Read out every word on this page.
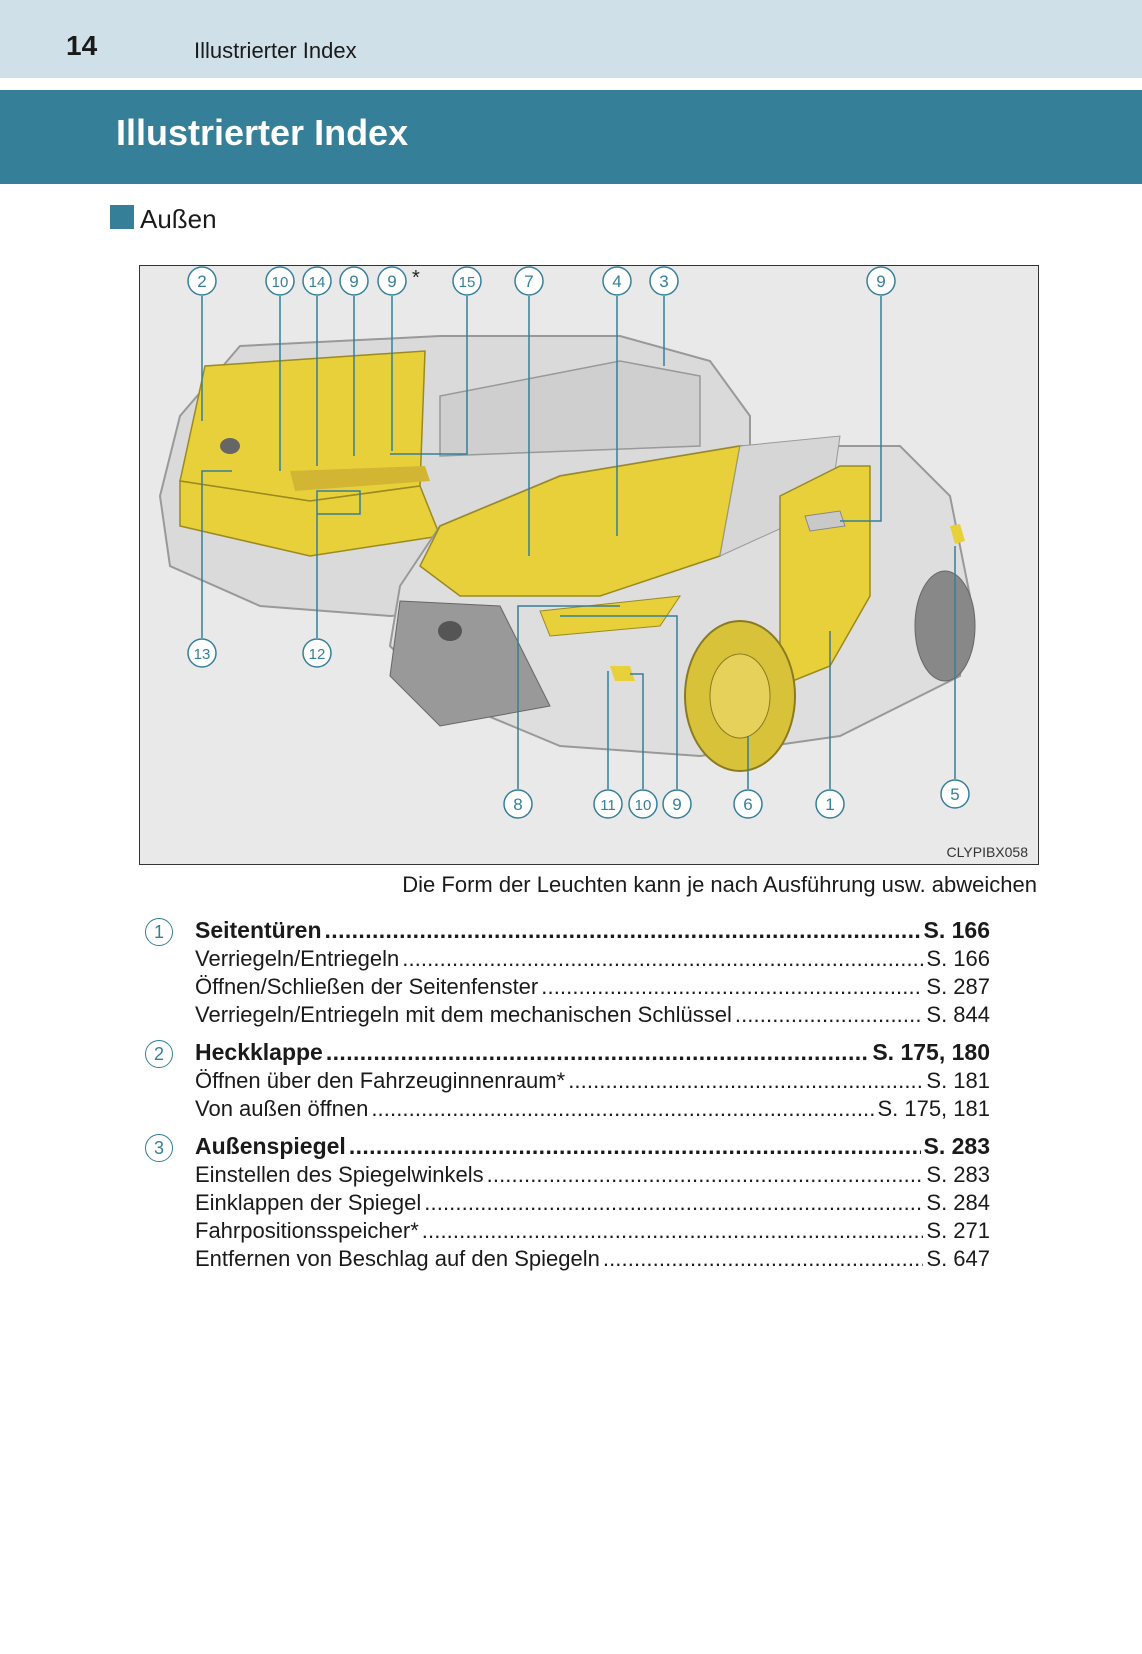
14	Illustrierter Index
Illustrierter Index
Außen
2	10 14 9 9 *	15	7	4 3	9
13	12
8	11 10 9	6	1
5
CLYPIBX058
Die Form der Leuchten kann je nach Ausführung usw. abweichen
1	Seitentüren . . .	S. 166
Verriegeln/Entriegeln . . .	S. 166
Öffnen/Schließen der Seitenfenster . . .	S. 287
Verriegeln/Entriegeln mit dem mechanischen Schlüssel . . .	S. 844
2	Heckklappe . . .	S. 175, 180
Öffnen über den Fahrzeuginnenraum* . . .	S. 181
Von außen öffnen . . .	S. 175, 181
3	Außenspiegel . . .	S. 283
Einstellen des Spiegelwinkels . . .	S. 283
Einklappen der Spiegel . . .	S. 284
Fahrpositionsspeicher* . . .	S. 271
Entfernen von Beschlag auf den Spiegeln . . .	S. 647
